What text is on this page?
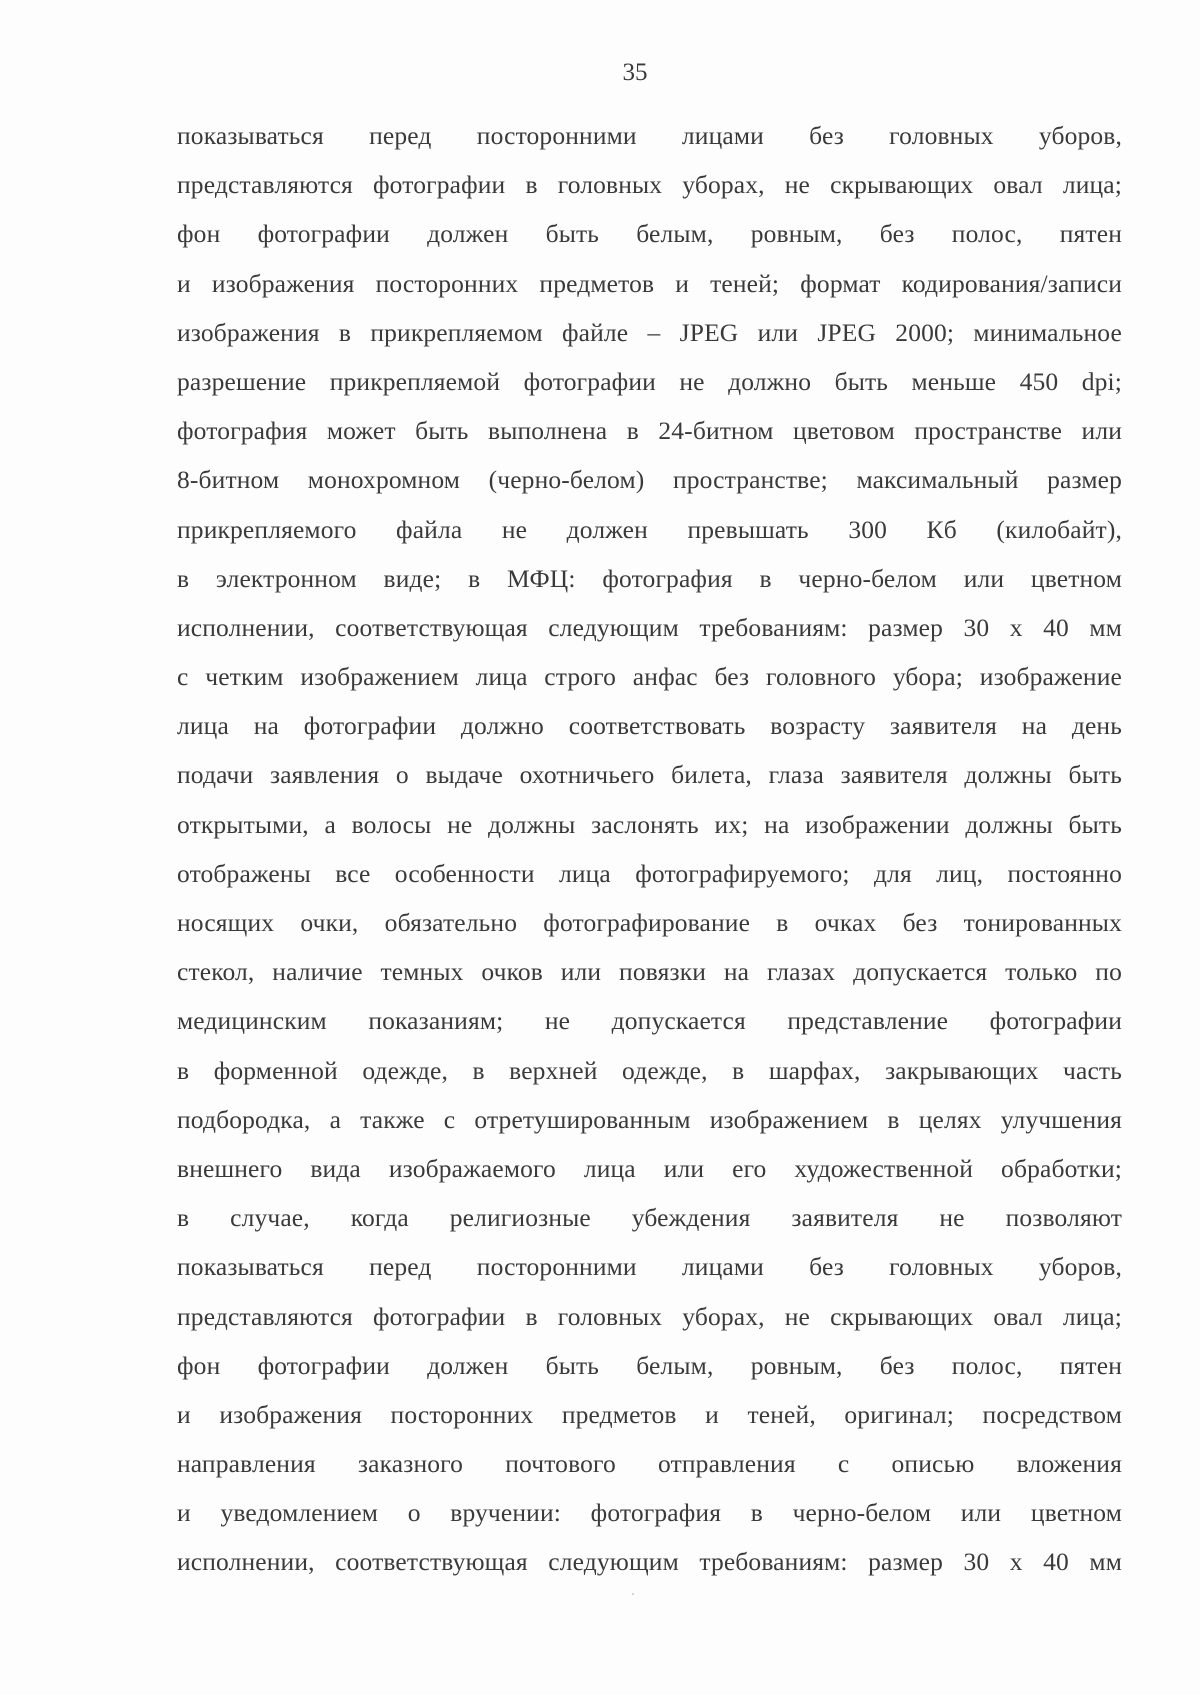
35
показываться перед посторонними лицами без головных уборов,
представляются фотографии в головных уборах, не скрывающих овал лица;
фон фотографии должен быть белым, ровным, без полос, пятен
и изображения посторонних предметов и теней; формат кодирования/записи
изображения в прикрепляемом файле – JPEG или JPEG 2000; минимальное
разрешение прикрепляемой фотографии не должно быть меньше 450 dpi;
фотография может быть выполнена в 24-битном цветовом пространстве или
8-битном монохромном (черно-белом) пространстве; максимальный размер
прикрепляемого файла не должен превышать 300 Кб (килобайт),
в электронном виде; в МФЦ: фотография в черно-белом или цветном
исполнении, соответствующая следующим требованиям: размер 30 х 40 мм
с четким изображением лица строго анфас без головного убора; изображение
лица на фотографии должно соответствовать возрасту заявителя на день
подачи заявления о выдаче охотничьего билета, глаза заявителя должны быть
открытыми, а волосы не должны заслонять их; на изображении должны быть
отображены все особенности лица фотографируемого; для лиц, постоянно
носящих очки, обязательно фотографирование в очках без тонированных
стекол, наличие темных очков или повязки на глазах допускается только по
медицинским показаниям; не допускается представление фотографии
в форменной одежде, в верхней одежде, в шарфах, закрывающих часть
подбородка, а также с отретушированным изображением в целях улучшения
внешнего вида изображаемого лица или его художественной обработки;
в случае, когда религиозные убеждения заявителя не позволяют
показываться перед посторонними лицами без головных уборов,
представляются фотографии в головных уборах, не скрывающих овал лица;
фон фотографии должен быть белым, ровным, без полос, пятен
и изображения посторонних предметов и теней, оригинал; посредством
направления заказного почтового отправления с описью вложения
и уведомлением о вручении: фотография в черно-белом или цветном
исполнении, соответствующая следующим требованиям: размер 30 х 40 мм
